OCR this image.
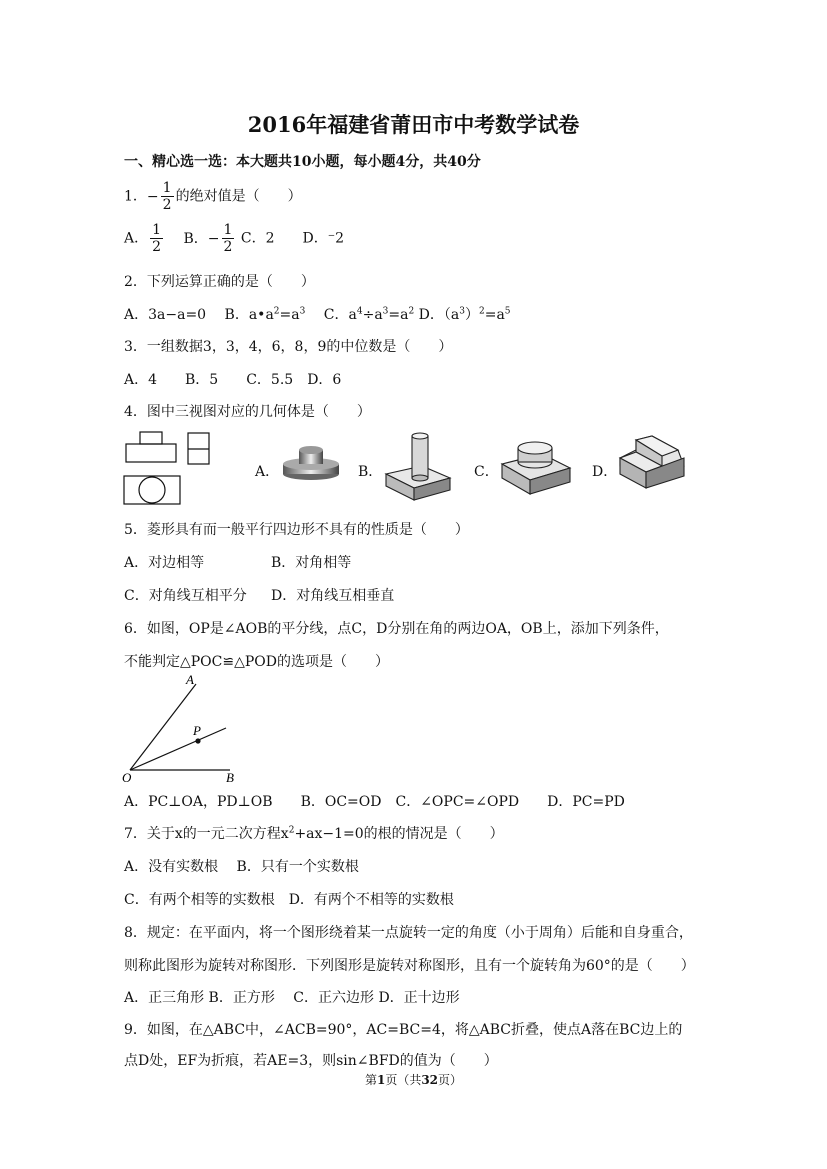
2016年福建省莆田市中考数学试卷
一、精心选一选：本大题共10小题，每小题4分，共40分
1．− $\frac{1}{2}$ 的绝对值是（　　）
A． $\frac{1}{2}$ B．− $\frac{1}{2}$ C．2　　D．⁻2
2．下列运算正确的是（　　）
A．3a−a=0 B．$a•a^2=a^3$ C．$a^4\div a^3=a^2$ D．$(a^3)^2=a^5$
3．一组数据3，3，4，6，8，9的中位数是（　　）
A．4　　B．5　　C．5.5　D．6
4．图中三视图对应的几何体是（　　）
A．	B．	C．	D．
5．菱形具有而一般平行四边形不具有的性质是（　　）
A．对边相等	B．对角相等
C．对角线互相平分 D．对角线互相垂直
6．如图，OP是∠AOB的平分线，点C，D分别在角的两边OA，OB上，添加下列条件，
不能判定△POC≌△POD的选项是（　　）
A
P
O	B
A．PC⊥OA，PD⊥OB　　B．OC=OD　C．∠OPC=∠OPD　　D．PC=PD
7．关于x的一元二次方程$x^2+ax-1=0$的根的情况是（　　）
A．没有实数根　 B．只有一个实数根
C．有两个相等的实数根　D．有两个不相等的实数根
8．规定：在平面内，将一个图形绕着某一点旋转一定的角度（小于周角）后能和自身重合，
则称此图形为旋转对称图形．下列图形是旋转对称图形，且有一个旋转角为60°的是（　　）
A．正三角形 B．正方形　 C．正六边形 D．正十边形
9．如图，在△ABC中，∠ACB=90°，AC=BC=4，将△ABC折叠，使点A落在BC边上的
点D处，EF为折痕，若AE=3，则sin∠BFD的值为（　　）
第1页（共32页）
